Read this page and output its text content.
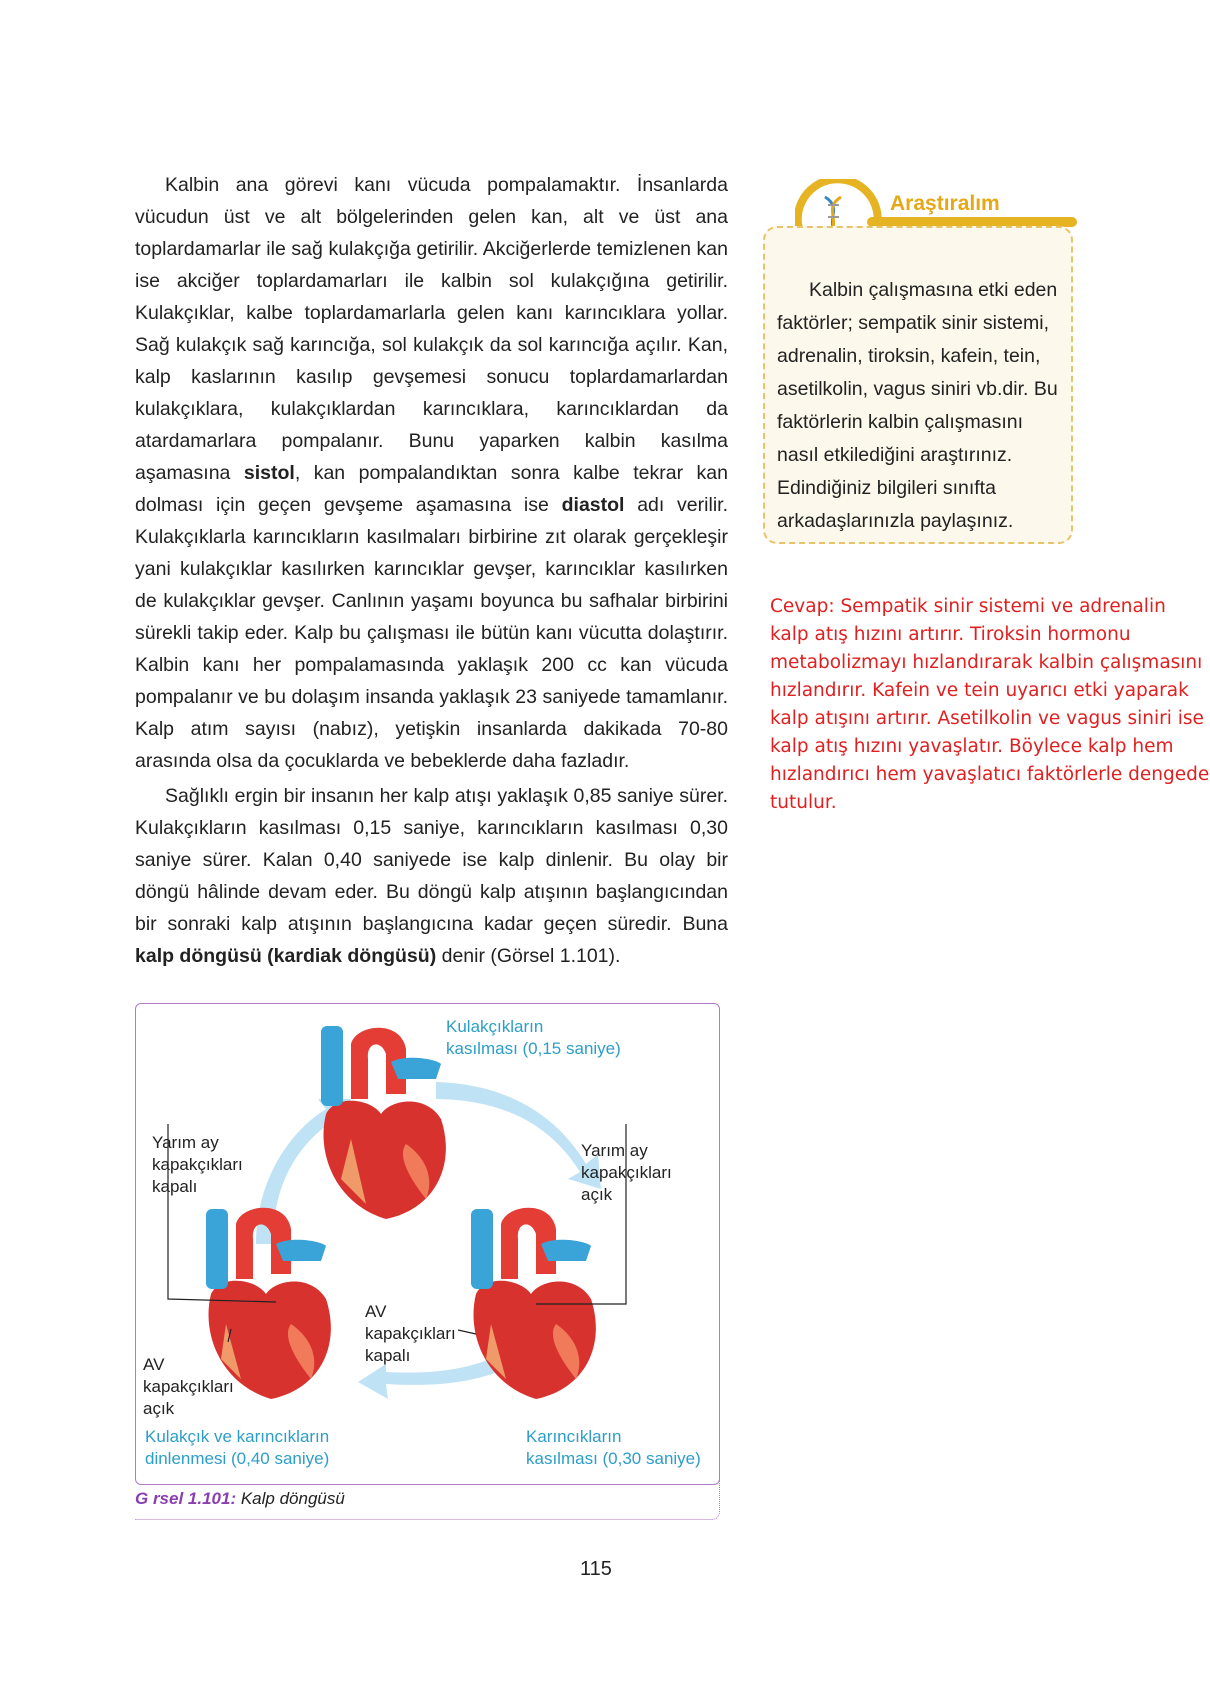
Kalbin ana görevi kanı vücuda pompalamaktır. İnsanlarda vücudun üst ve alt bölgelerinden gelen kan, alt ve üst ana toplardamarlar ile sağ kulakçığa getirilir. Akciğerlerde temizlenen kan ise akciğer toplardamarları ile kalbin sol kulakçığına getirilir. Kulakçıklar, kalbe toplardamarlarla gelen kanı karıncıklara yollar. Sağ kulakçık sağ karıncığa, sol kulakçık da sol karıncığa açılır. Kan, kalp kaslarının kasılıp gevşemesi sonucu toplardamarlardan kulakçıklara, kulakçıklardan karıncıklara, karıncıklardan da atardamarlara pompalanır. Bunu yaparken kalbin kasılma aşamasına sistol, kan pompalandıktan sonra kalbe tekrar kan dolması için geçen gevşeme aşamasına ise diastol adı verilir. Kulakçıklarla karıncıkların kasılmaları birbirine zıt olarak gerçekleşir yani kulakçıklar kasılırken karıncıklar gevşer, karıncıklar kasılırken de kulakçıklar gevşer. Canlının yaşamı boyunca bu safhalar birbirini sürekli takip eder. Kalp bu çalışması ile bütün kanı vücutta dolaştırır. Kalbin kanı her pompalamasında yaklaşık 200 cc kan vücuda pompalanır ve bu dolaşım insanda yaklaşık 23 saniyede tamamlanır. Kalp atım sayısı (nabız), yetişkin insanlarda dakikada 70-80 arasında olsa da çocuklarda ve bebeklerde daha fazladır.

Sağlıklı ergin bir insanın her kalp atışı yaklaşık 0,85 saniye sürer. Kulakçıkların kasılması 0,15 saniye, karıncıkların kasılması 0,30 saniye sürer. Kalan 0,40 saniyede ise kalp dinlenir. Bu olay bir döngü hâlinde devam eder. Bu döngü kalp atışının başlangıcından bir sonraki kalp atışının başlangıcına kadar geçen süredir. Buna kalp döngüsü (kardiak döngüsü) denir (Görsel 1.101).

Araştıralım

Kalbin çalışmasına etki eden faktörler; sempatik sinir sistemi, adrenalin, tiroksin, kafein, tein, asetilkolin, vagus siniri vb.dir. Bu faktörlerin kalbin çalışmasını nasıl etkilediğini araştırınız. Edindiğiniz bilgileri sınıfta arkadaşlarınızla paylaşınız.

Cevap: Sempatik sinir sistemi ve adrenalin kalp atış hızını artırır. Tiroksin hormonu metabolizmayı hızlandırarak kalbin çalışmasını hızlandırır. Kafein ve tein uyarıcı etki yaparak kalp atışını artırır. Asetilkolin ve vagus siniri ise kalp atış hızını yavaşlatır. Böylece kalp hem hızlandırıcı hem yavaşlatıcı faktörlerle dengede tutulur.
Kulakçıkların
kasılması (0,15 saniye)
Yarım ay
kapakçıkları
kapalı
Yarım ay
kapakçıkları
açık
AV
kapakçıkları
kapalı
AV
kapakçıkları
açık
Kulakçık ve karıncıkların
dinlenmesi (0,40 saniye)
Karıncıkların
kasılması (0,30 saniye)
G rsel 1.101: Kalp döngüsü
115
